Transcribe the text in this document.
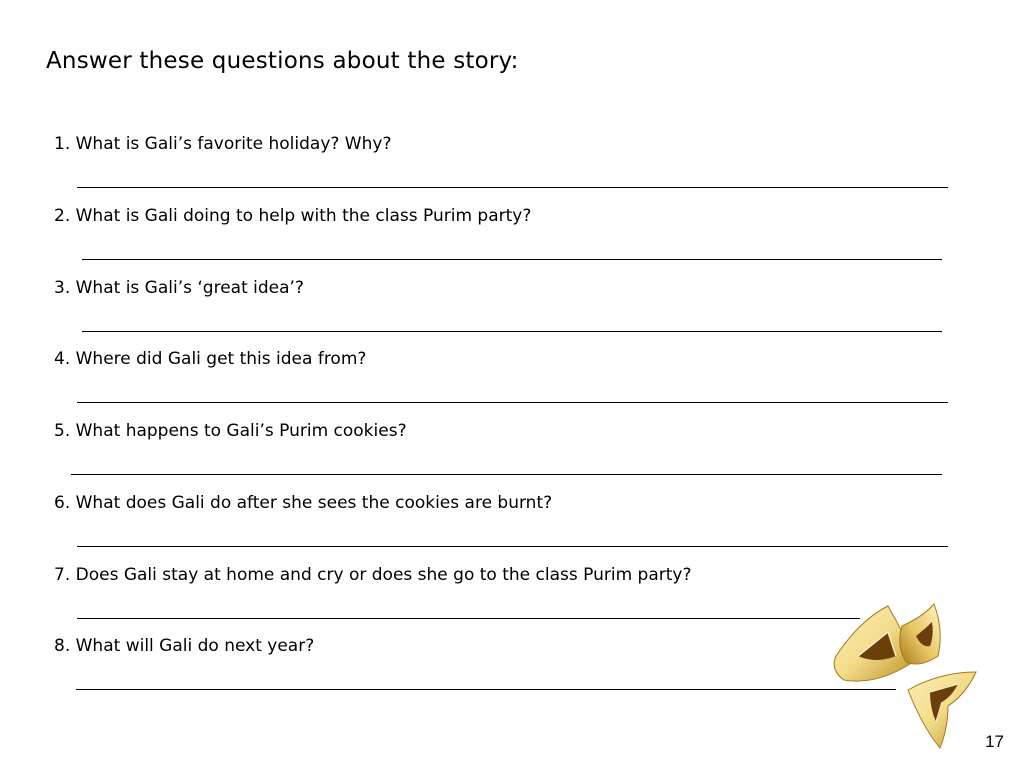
Answer these questions about the story:
1. What is Gali’s favorite holiday? Why?
2. What is Gali doing to help with the class Purim party?
3. What is Gali’s ‘great idea’?
4. Where did Gali get this idea from?
5. What happens to Gali’s Purim cookies?
6. What does Gali do after she sees the cookies are burnt?
7. Does Gali stay at home and cry or does she go to the class Purim party?
8. What will Gali do next year?
17
